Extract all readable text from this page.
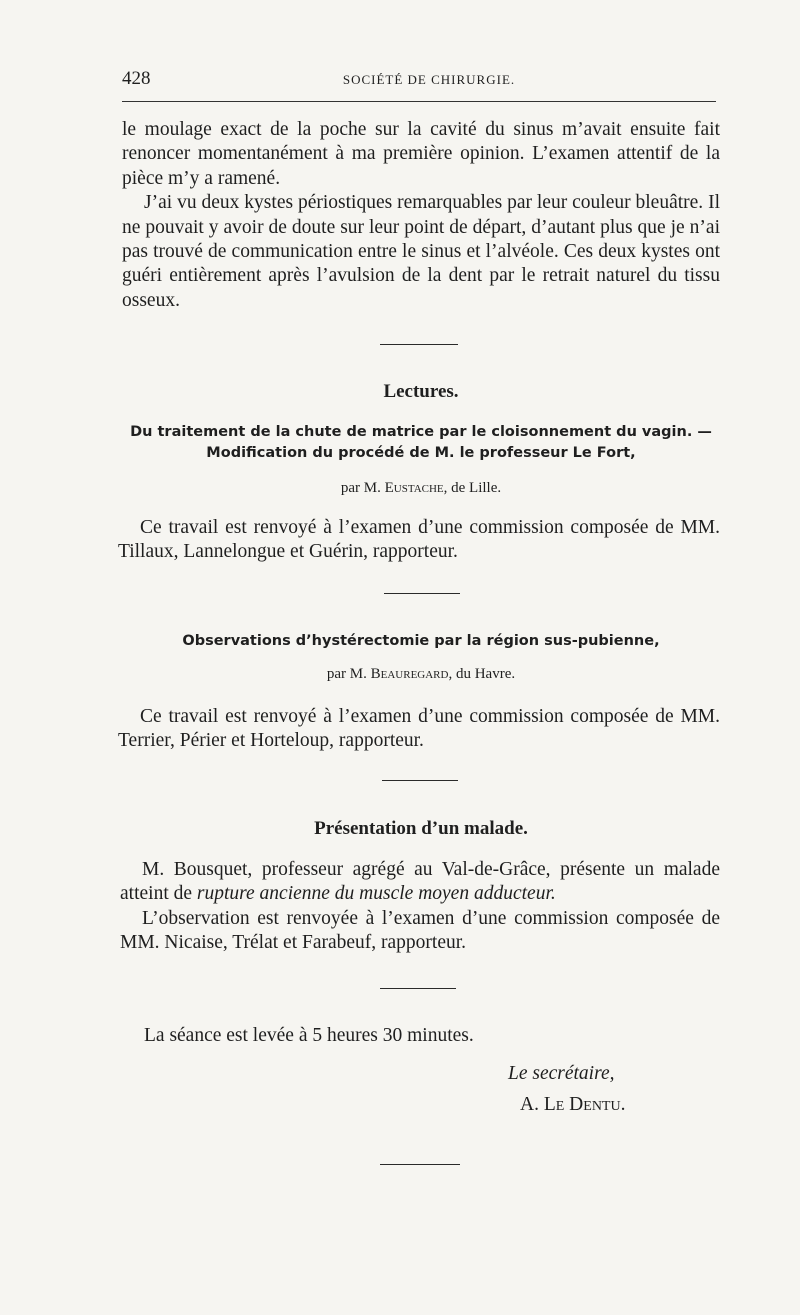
428	SOCIÉTÉ DE CHIRURGIE.

le moulage exact de la poche sur la cavité du sinus m’avait ensuite fait renoncer momentanément à ma première opinion. L’examen attentif de la pièce m’y a ramené.

J’ai vu deux kystes périostiques remarquables par leur couleur bleuâtre. Il ne pouvait y avoir de doute sur leur point de départ, d’autant plus que je n’ai pas trouvé de communication entre le sinus et l’alvéole. Ces deux kystes ont guéri entièrement après l’avulsion de la dent par le retrait naturel du tissu osseux.

Lectures.
Du traitement de la chute de matrice par le cloisonnement du vagin. —
Modification du procédé de M. le professeur Le Fort,
par M. Eustache, de Lille.

Ce travail est renvoyé à l’examen d’une commission composée de MM. Tillaux, Lannelongue et Guérin, rapporteur.

Observations d’hystérectomie par la région sus-pubienne,
par M. Beauregard, du Havre.

Ce travail est renvoyé à l’examen d’une commission composée de MM. Terrier, Périer et Horteloup, rapporteur.

Présentation d’un malade.

M. Bousquet, professeur agrégé au Val-de-Grâce, présente un malade atteint de rupture ancienne du muscle moyen adducteur.

L’observation est renvoyée à l’examen d’une commission composée de MM. Nicaise, Trélat et Farabeuf, rapporteur.

La séance est levée à 5 heures 30 minutes.

Le secrétaire,
A. Le Dentu.
